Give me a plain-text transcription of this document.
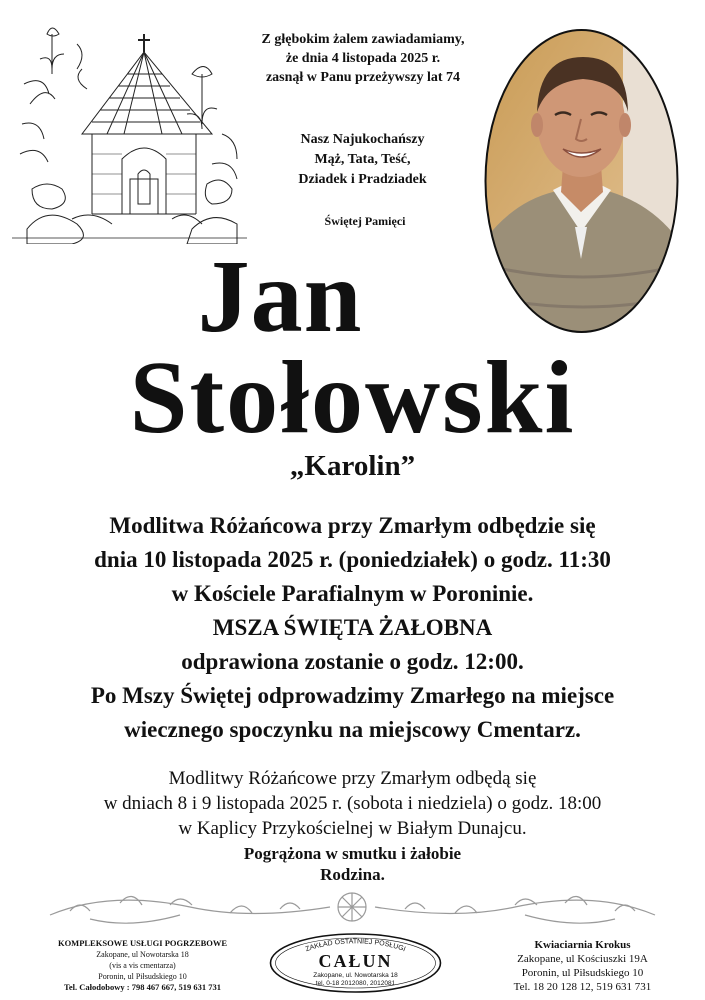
Z głębokim żalem zawiadamiamy,
że dnia 4 listopada 2025 r.
zasnął w Panu przeżywszy lat 74
Nasz Najukochańszy
Mąż, Tata, Teść,
Dziadek i Pradziadek
Świętej Pamięci
Jan
Stołowski
„Karolin”
Modlitwa Różańcowa przy Zmarłym odbędzie się
dnia 10 listopada 2025 r. (poniedziałek) o godz. 11:30
w Kościele Parafialnym w Poroninie.
MSZA ŚWIĘTA ŻAŁOBNA
odprawiona zostanie o godz. 12:00.
Po Mszy Świętej odprowadzimy Zmarłego na miejsce
wiecznego spoczynku na miejscowy Cmentarz.
Modlitwy Różańcowe przy Zmarłym odbędą się
w dniach 8 i 9 listopada 2025 r. (sobota i niedziela) o godz. 18:00
w Kaplicy Przykościelnej w Białym Dunajcu.
Pogrążona w smutku i żałobie
Rodzina.
KOMPLEKSOWE USŁUGI POGRZEBOWE
Zakopane, ul Nowotarska 18
(vis a vis cmentarza)
Poronin, ul Piłsudskiego 10
Tel. Całodobowy : 798 467 667, 519 631 731
ZAKŁAD OSTATNIEJ POSŁUGI
CAŁUN
Zakopane, ul. Nowotarska 18
tel. 0-18 2012080, 2012081
Kwiaciarnia Krokus
Zakopane, ul Kościuszki 19A
Poronin, ul Piłsudskiego 10
Tel. 18 20 128 12, 519 631 731
